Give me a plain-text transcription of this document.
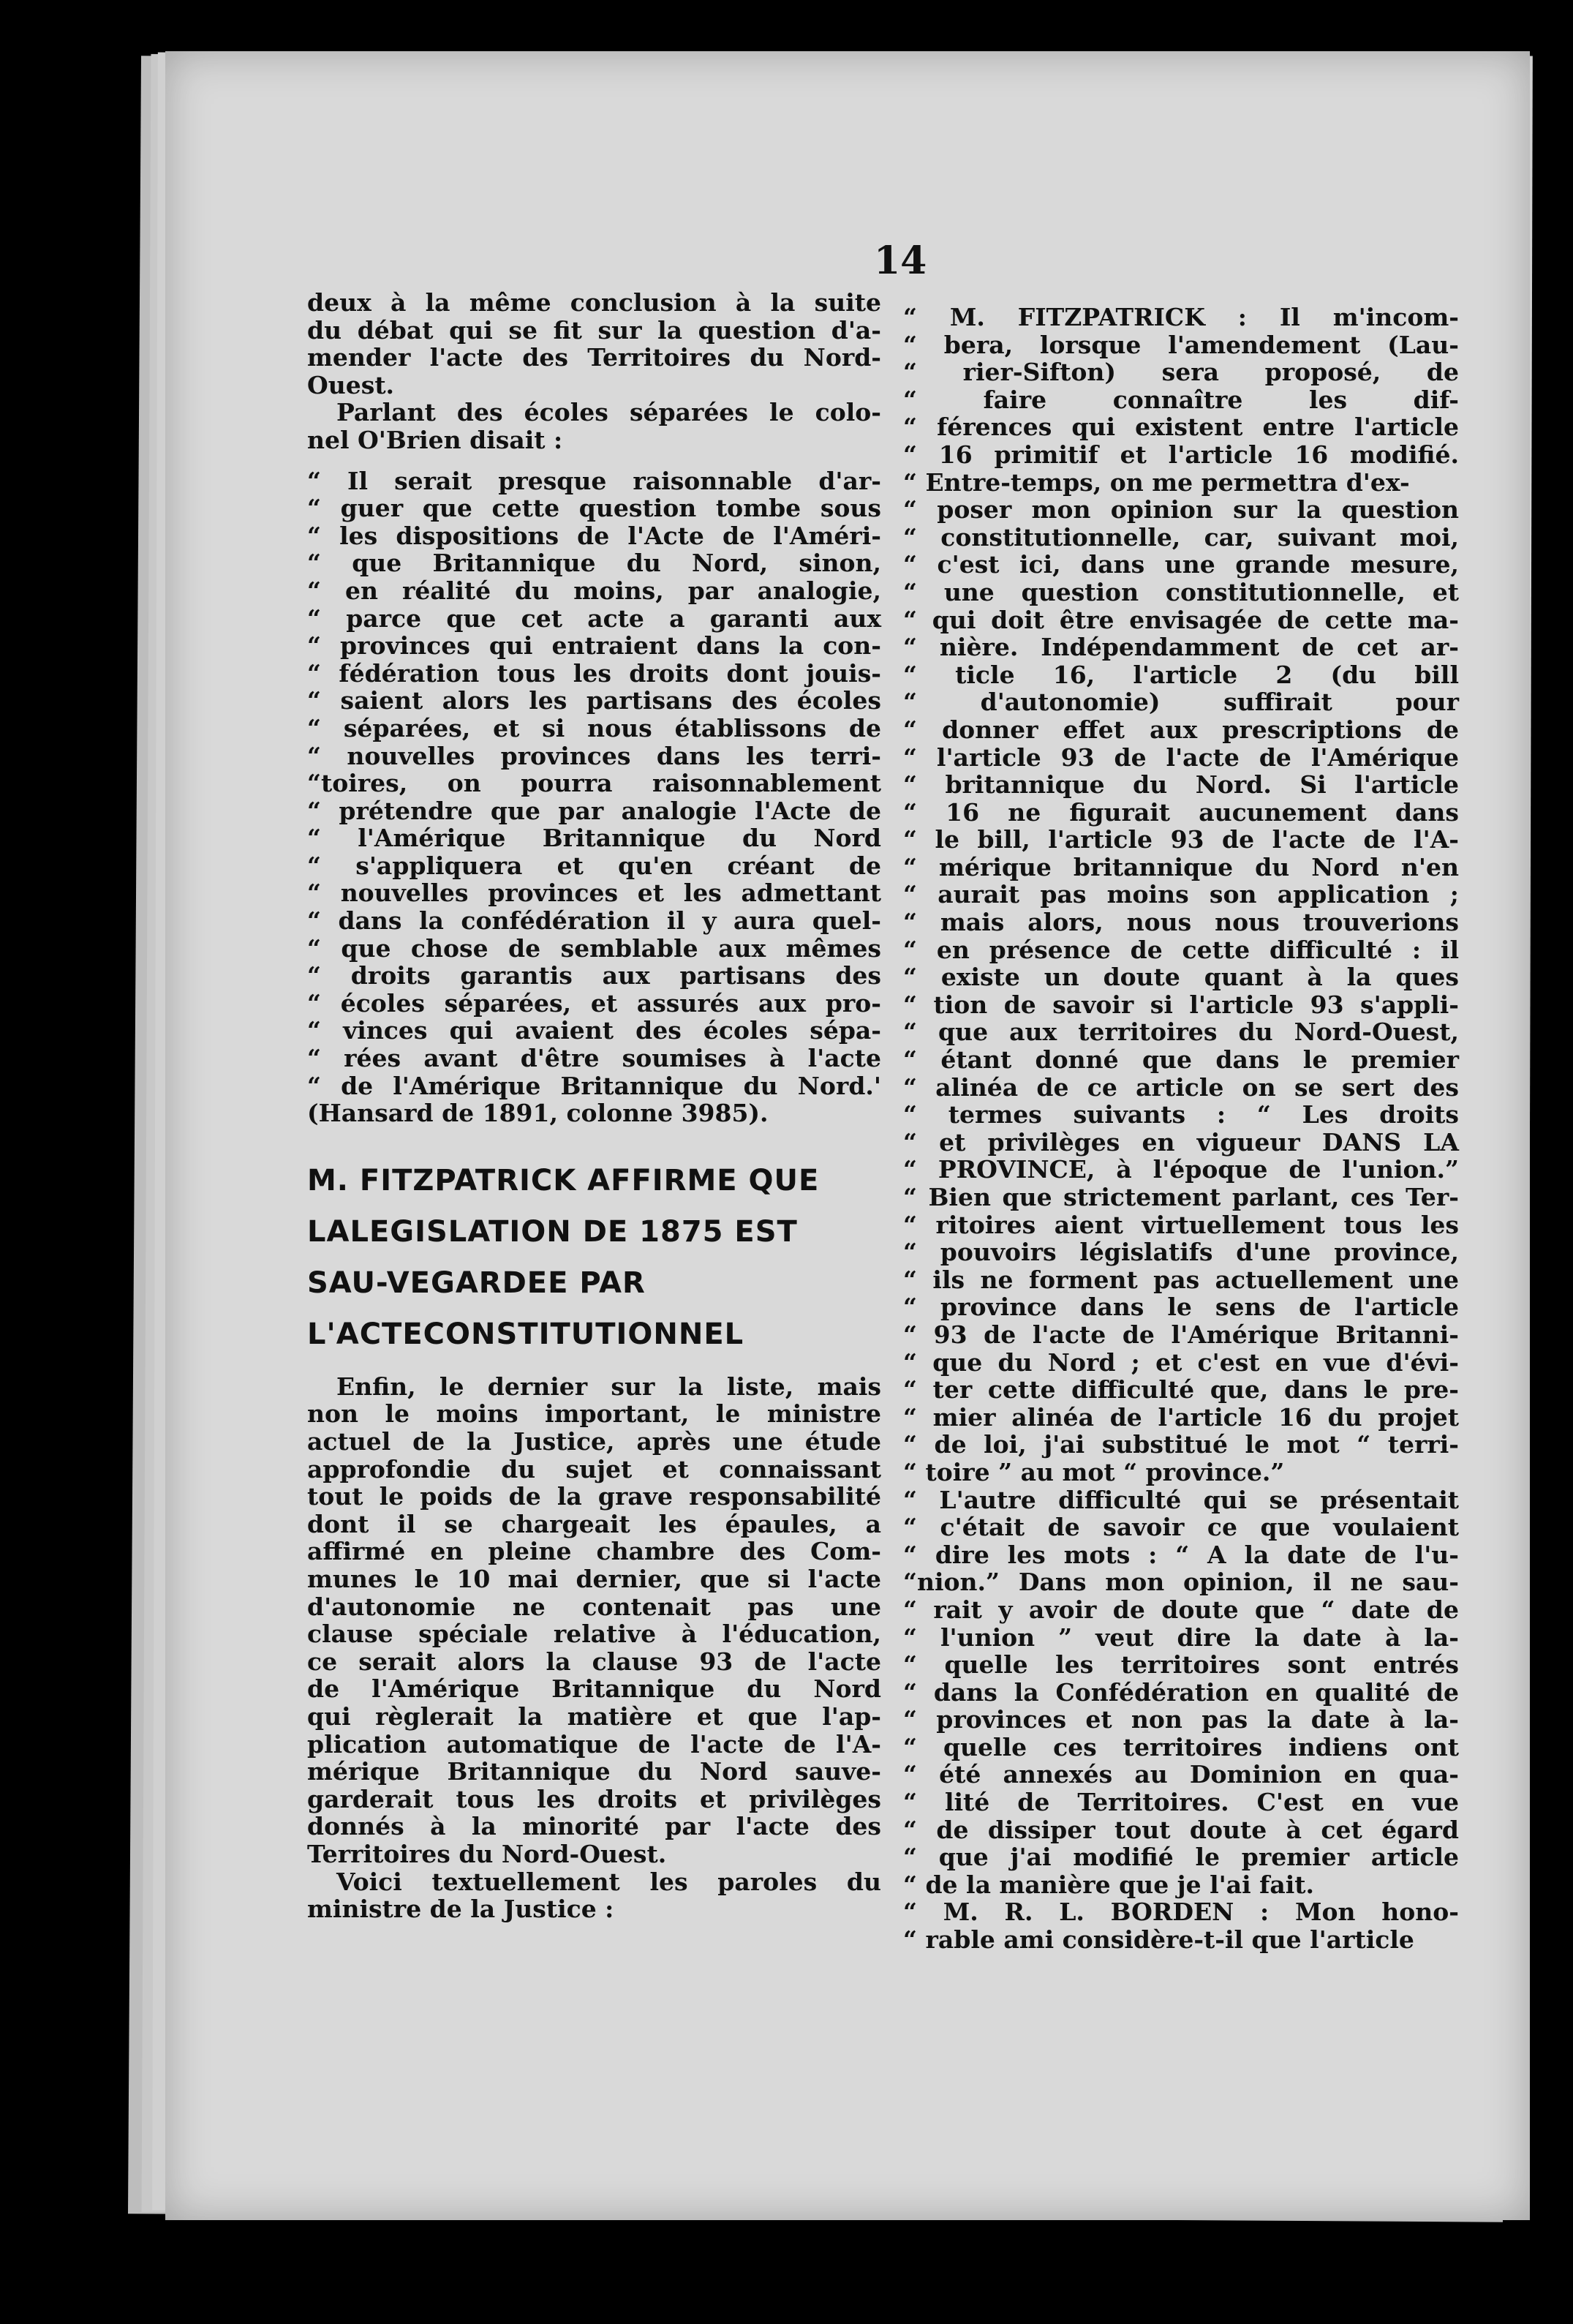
14
deux à la même conclusion à la suite
du débat qui se fit sur la question d'a-
mender l'acte des Territoires du Nord-
Ouest.
Parlant des écoles séparées le colo-
nel O'Brien disait :
“ Il serait presque raisonnable d'ar-
“ guer que cette question tombe sous
“ les dispositions de l'Acte de l'Améri-
“ que Britannique du Nord, sinon,
“ en réalité du moins, par analogie,
“ parce que cet acte a garanti aux
“ provinces qui entraient dans la con-
“ fédération tous les droits dont jouis-
“ saient alors les partisans des écoles
“ séparées, et si nous établissons de
“ nouvelles provinces dans les terri-
“toires, on pourra raisonnablement
“ prétendre que par analogie l'Acte de
“ l'Amérique Britannique du Nord
“ s'appliquera et qu'en créant de
“ nouvelles provinces et les admettant
“ dans la confédération il y aura quel-
“ que chose de semblable aux mêmes
“ droits garantis aux partisans des
“ écoles séparées, et assurés aux pro-
“ vinces qui avaient des écoles sépa-
“ rées avant d'être soumises à l'acte
“ de l'Amérique Britannique du Nord.'
(Hansard de 1891, colonne 3985).
M. FITZPATRICK AFFIRME QUE LALEGISLATION DE 1875 EST SAU-VEGARDEE PAR L'ACTECONSTITUTIONNEL
Enfin, le dernier sur la liste, mais
non le moins important, le ministre
actuel de la Justice, après une étude
approfondie du sujet et connaissant
tout le poids de la grave responsabilité
dont il se chargeait les épaules, a
affirmé en pleine chambre des Com-
munes le 10 mai dernier, que si l'acte
d'autonomie ne contenait pas une
clause spéciale relative à l'éducation,
ce serait alors la clause 93 de l'acte
de l'Amérique Britannique du Nord
qui règlerait la matière et que l'ap-
plication automatique de l'acte de l'A-
mérique Britannique du Nord sauve-
garderait tous les droits et privilèges
donnés à la minorité par l'acte des
Territoires du Nord-Ouest.
Voici textuellement les paroles du
ministre de la Justice :
“ M. FITZPATRICK : Il m'incom-
“ bera, lorsque l'amendement (Lau-
“ rier-Sifton) sera proposé, de
“ faire connaître les dif-
“ férences qui existent entre l'article
“ 16 primitif et l'article 16 modifié.
“ Entre-temps, on me permettra d'ex-
“ poser mon opinion sur la question
“ constitutionnelle, car, suivant moi,
“ c'est ici, dans une grande mesure,
“ une question constitutionnelle, et
“ qui doit être envisagée de cette ma-
“ nière. Indépendamment de cet ar-
“ ticle 16, l'article 2 (du bill
“ d'autonomie) suffirait pour
“ donner effet aux prescriptions de
“ l'article 93 de l'acte de l'Amérique
“ britannique du Nord. Si l'article
“ 16 ne figurait aucunement dans
“ le bill, l'article 93 de l'acte de l'A-
“ mérique britannique du Nord n'en
“ aurait pas moins son application ;
“ mais alors, nous nous trouverions
“ en présence de cette difficulté : il
“ existe un doute quant à la ques
“ tion de savoir si l'article 93 s'appli-
“ que aux territoires du Nord-Ouest,
“ étant donné que dans le premier
“ alinéa de ce article on se sert des
“ termes suivants : “ Les droits
“ et privilèges en vigueur DANS LA
“ PROVINCE, à l'époque de l'union.”
“ Bien que strictement parlant, ces Ter-
“ ritoires aient virtuellement tous les
“ pouvoirs législatifs d'une province,
“ ils ne forment pas actuellement une
“ province dans le sens de l'article
“ 93 de l'acte de l'Amérique Britanni-
“ que du Nord ; et c'est en vue d'évi-
“ ter cette difficulté que, dans le pre-
“ mier alinéa de l'article 16 du projet
“ de loi, j'ai substitué le mot “ terri-
“ toire ” au mot “ province.”
“ L'autre difficulté qui se présentait
“ c'était de savoir ce que voulaient
“ dire les mots : “ A la date de l'u-
“nion.” Dans mon opinion, il ne sau-
“ rait y avoir de doute que “ date de
“ l'union ” veut dire la date à la-
“ quelle les territoires sont entrés
“ dans la Confédération en qualité de
“ provinces et non pas la date à la-
“ quelle ces territoires indiens ont
“ été annexés au Dominion en qua-
“ lité de Territoires. C'est en vue
“ de dissiper tout doute à cet égard
“ que j'ai modifié le premier article
“ de la manière que je l'ai fait.
“ M. R. L. BORDEN : Mon hono-
“ rable ami considère-t-il que l'article
